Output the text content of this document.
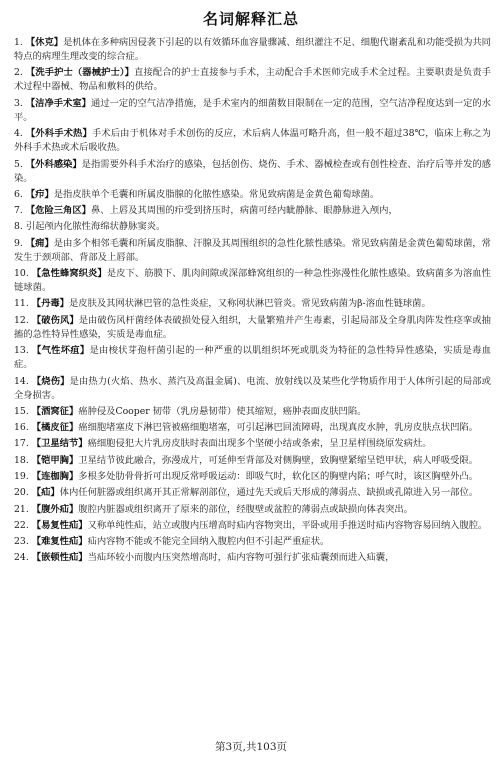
名词解释汇总

1. 【休克】是机体在多种病因侵袭下引起的以有效循环血容量骤减、组织灌注不足、细胞代谢紊乱和功能受损为共同特点的病理生理改变的综合症。

2. 【洗手护士（器械护士）】直接配合的护士直接参与手术，主动配合手术医师完成手术全过程。主要职责是负责手术过程中器械、物品和敷料的供给。

3. 【洁净手术室】通过一定的空气洁净措施，是手术室内的细菌数目限制在一定的范围，空气洁净程度达到一定的水平。

4. 【外科手术热】手术后由于机体对手术创伤的反应，术后病人体温可略升高，但一般不超过38℃，临床上称之为外科手术热或术后吸收热。

5. 【外科感染】是指需要外科手术治疗的感染，包括创伤、烧伤、手术、器械检查或有创性检查、治疗后等并发的感染。

6. 【疖】是指皮肤单个毛囊和所属皮脂腺的化脓性感染。常见致病菌是金黄色葡萄球菌。

7. 【危险三角区】鼻、上唇及其周围的疖受到挤压时，病菌可经内眦静脉、眼静脉进入颅内，

8. 引起颅内化脓性海绵状静脉窦炎。

9. 【痈】是由多个相邻毛囊和所属皮脂腺、汗腺及其周围组织的急性化脓性感染。常见致病菌是金黄色葡萄球菌，常发生于颈项部、背部及上唇部。

10. 【急性蜂窝织炎】是皮下、筋膜下、肌肉间隙或深部蜂窝组织的一种急性弥漫性化脓性感染。致病菌多为溶血性链球菌。

11. 【丹毒】是皮肤及其网状淋巴管的急性炎症，又称网状淋巴管炎。常见致病菌为β-溶血性链球菌。

12. 【破伤风】是由破伤风杆菌经体表破损处侵入组织，大量繁殖并产生毒素，引起局部及全身肌肉阵发性痉挛或抽搐的急性特异性感染，实质是毒血症。

13. 【气性坏疽】是由梭状芽孢杆菌引起的一种严重的以肌组织坏死或肌炎为特征的急性特异性感染，实质是毒血症。

14. 【烧伤】是由热力(火焰、热水、蒸汽及高温金属)、电流、放射线以及某些化学物质作用于人体所引起的局部或全身损害。

15. 【酒窝征】癌肿侵及Cooper 韧带（乳房悬韧带）使其缩短，癌肿表面皮肤凹陷。

16. 【橘皮征】癌细胞堵塞皮下淋巴管被癌细胞堵塞，可引起淋巴回流障碍，出现真皮水肿，乳房皮肤点状凹陷。

17. 【卫星结节】癌细胞侵犯大片乳房皮肤时表面出现多个坚硬小结或条索，呈卫星样围绕原发病灶。

18. 【铠甲胸】卫星结节彼此融合，弥漫成片，可延伸至背部及对侧胸壁，致胸壁紧缩呈铠甲状，病人呼吸受限。

19. 【连枷胸】多根多处肋骨骨折可出现反常呼吸运动：即吸气时，软化区的胸壁内陷；呼气时，该区胸壁外凸。

20. 【疝】体内任何脏器或组织离开其正常解剖部位，通过先天或后天形成的薄弱点、缺损或孔隙进入另一部位。

21. 【腹外疝】腹腔内脏器或组织离开了原来的部位，经腹壁或盆腔的薄弱点或缺损向体表突出。

22. 【易复性疝】又称单纯性疝，站立或腹内压增高时疝内容物突出，平卧或用手推送时疝内容物容易回纳入腹腔。

23. 【难复性疝】疝内容物不能或不能完全回纳入腹腔内但不引起严重症状。

24. 【嵌顿性疝】当疝环较小而腹内压突然增高时，疝内容物可强行扩张疝囊颈而进入疝囊，

第3页,共103页
